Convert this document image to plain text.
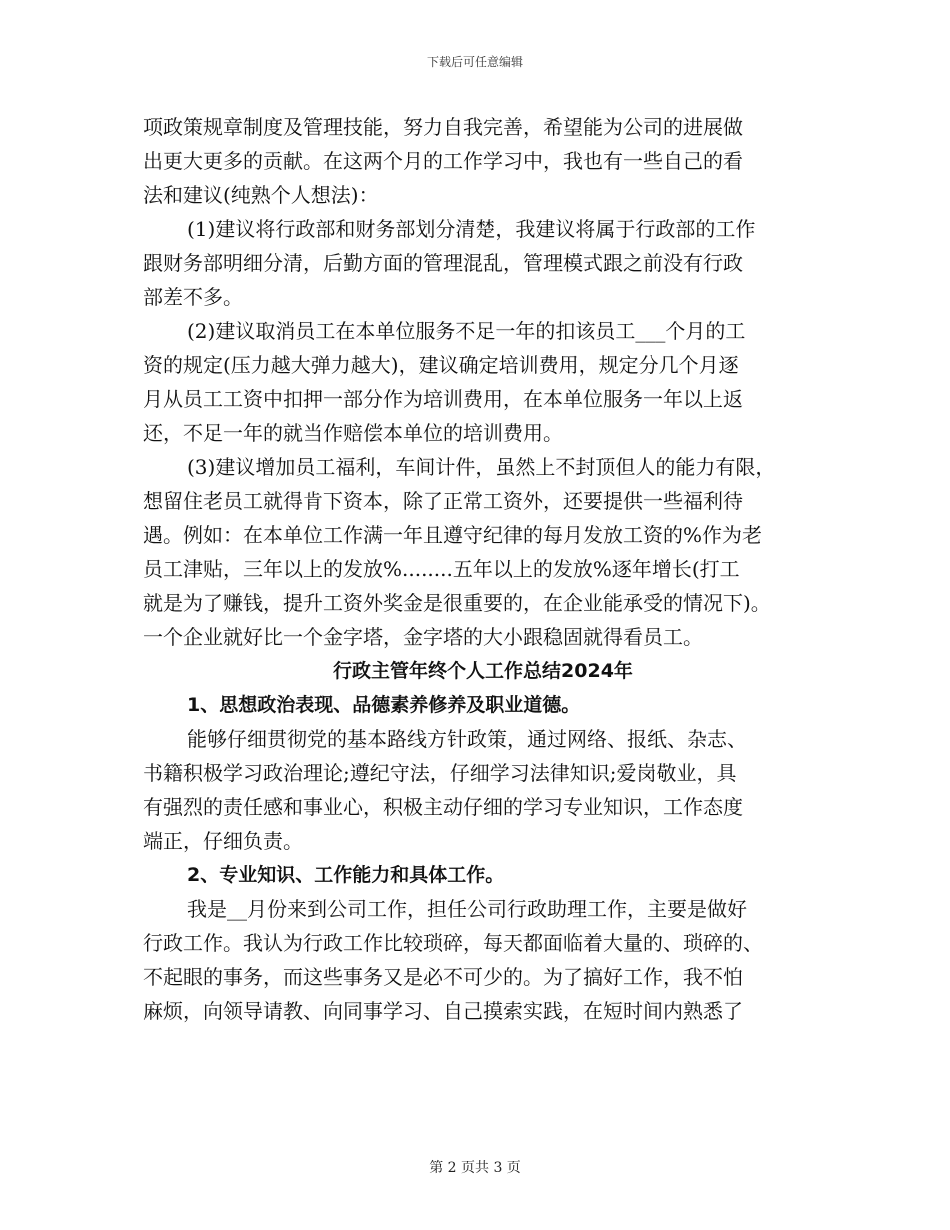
下载后可任意编辑
项政策规章制度及管理技能，努力自我完善，希望能为公司的进展做
出更大更多的贡献。在这两个月的工作学习中，我也有一些自己的看
法和建议(纯熟个人想法)：
(1)建议将行政部和财务部划分清楚，我建议将属于行政部的工作
跟财务部明细分清，后勤方面的管理混乱，管理模式跟之前没有行政
部差不多。
(2)建议取消员工在本单位服务不足一年的扣该员工___个月的工
资的规定(压力越大弹力越大)，建议确定培训费用，规定分几个月逐
月从员工工资中扣押一部分作为培训费用，在本单位服务一年以上返
还，不足一年的就当作赔偿本单位的培训费用。
(3)建议增加员工福利，车间计件，虽然上不封顶但人的能力有限，
想留住老员工就得肯下资本，除了正常工资外，还要提供一些福利待
遇。例如：在本单位工作满一年且遵守纪律的每月发放工资的%作为老
员工津贴，三年以上的发放%........五年以上的发放%逐年增长(打工
就是为了赚钱，提升工资外奖金是很重要的，在企业能承受的情况下)。
一个企业就好比一个金字塔，金字塔的大小跟稳固就得看员工。
行政主管年终个人工作总结2024年
1、思想政治表现、品德素养修养及职业道德。
能够仔细贯彻党的基本路线方针政策，通过网络、报纸、杂志、
书籍积极学习政治理论;遵纪守法，仔细学习法律知识;爱岗敬业，具
有强烈的责任感和事业心，积极主动仔细的学习专业知识，工作态度
端正，仔细负责。
2、专业知识、工作能力和具体工作。
我是__月份来到公司工作，担任公司行政助理工作，主要是做好
行政工作。我认为行政工作比较琐碎，每天都面临着大量的、琐碎的、
不起眼的事务，而这些事务又是必不可少的。为了搞好工作，我不怕
麻烦，向领导请教、向同事学习、自己摸索实践，在短时间内熟悉了
第 2 页共 3 页
